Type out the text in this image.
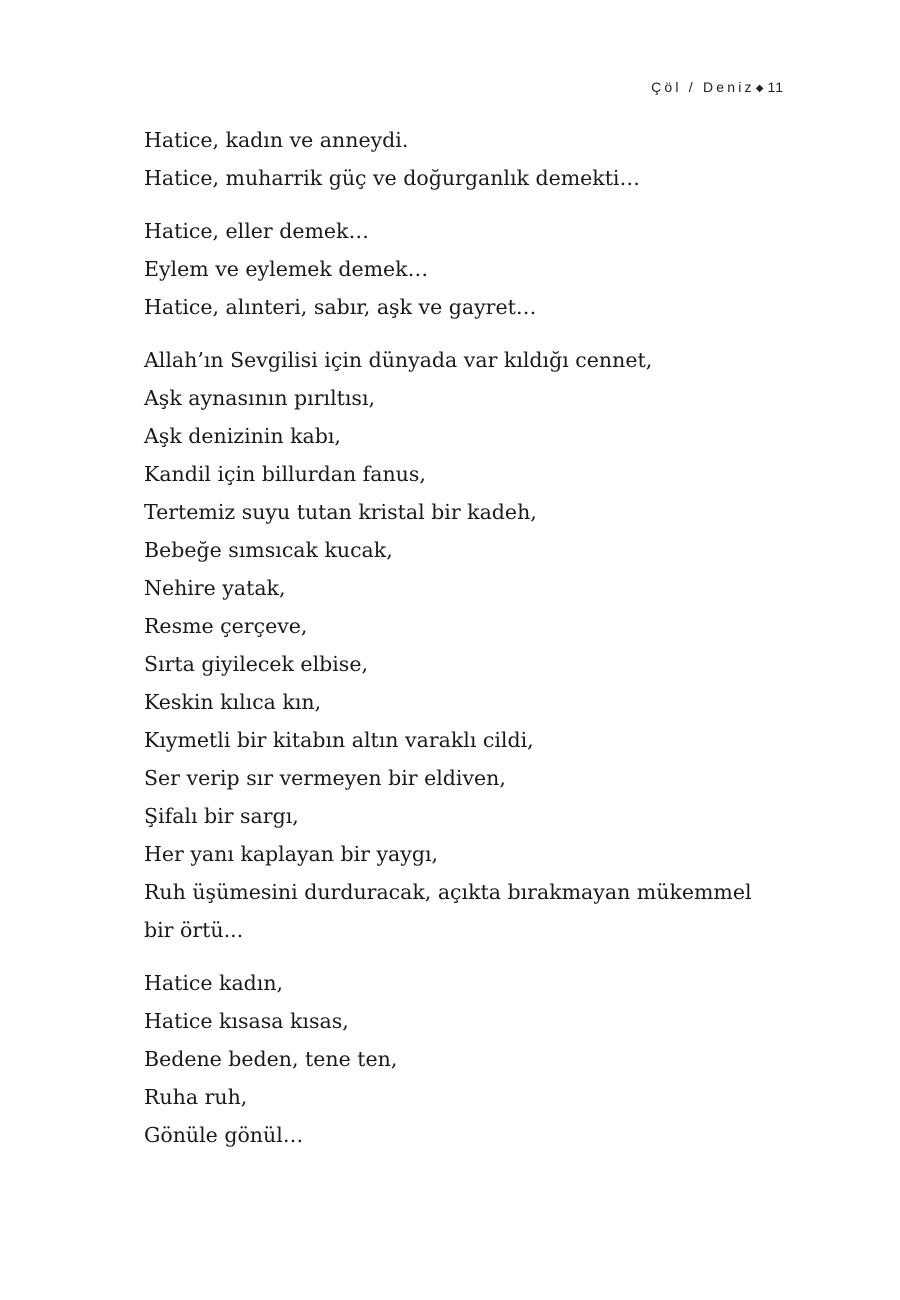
Çöl / Deniz◆ 11
Hatice, kadın ve anneydi.
Hatice, muharrik güç ve doğurganlık demekti…
Hatice, eller demek…
Eylem ve eylemek demek…
Hatice, alınteri, sabır, aşk ve gayret…
Allah’ın Sevgilisi için dünyada var kıldığı cennet,
Aşk aynasının pırıltısı,
Aşk denizinin kabı,
Kandil için billurdan fanus,
Tertemiz suyu tutan kristal bir kadeh,
Bebeğe sımsıcak kucak,
Nehire yatak,
Resme çerçeve,
Sırta giyilecek elbise,
Keskin kılıca kın,
Kıymetli bir kitabın altın varaklı cildi,
Ser verip sır vermeyen bir eldiven,
Şifalı bir sargı,
Her yanı kaplayan bir yaygı,
Ruh üşümesini durduracak, açıkta bırakmayan mükemmel bir örtü...
Hatice kadın,
Hatice kısasa kısas,
Bedene beden, tene ten,
Ruha ruh,
Gönüle gönül…
